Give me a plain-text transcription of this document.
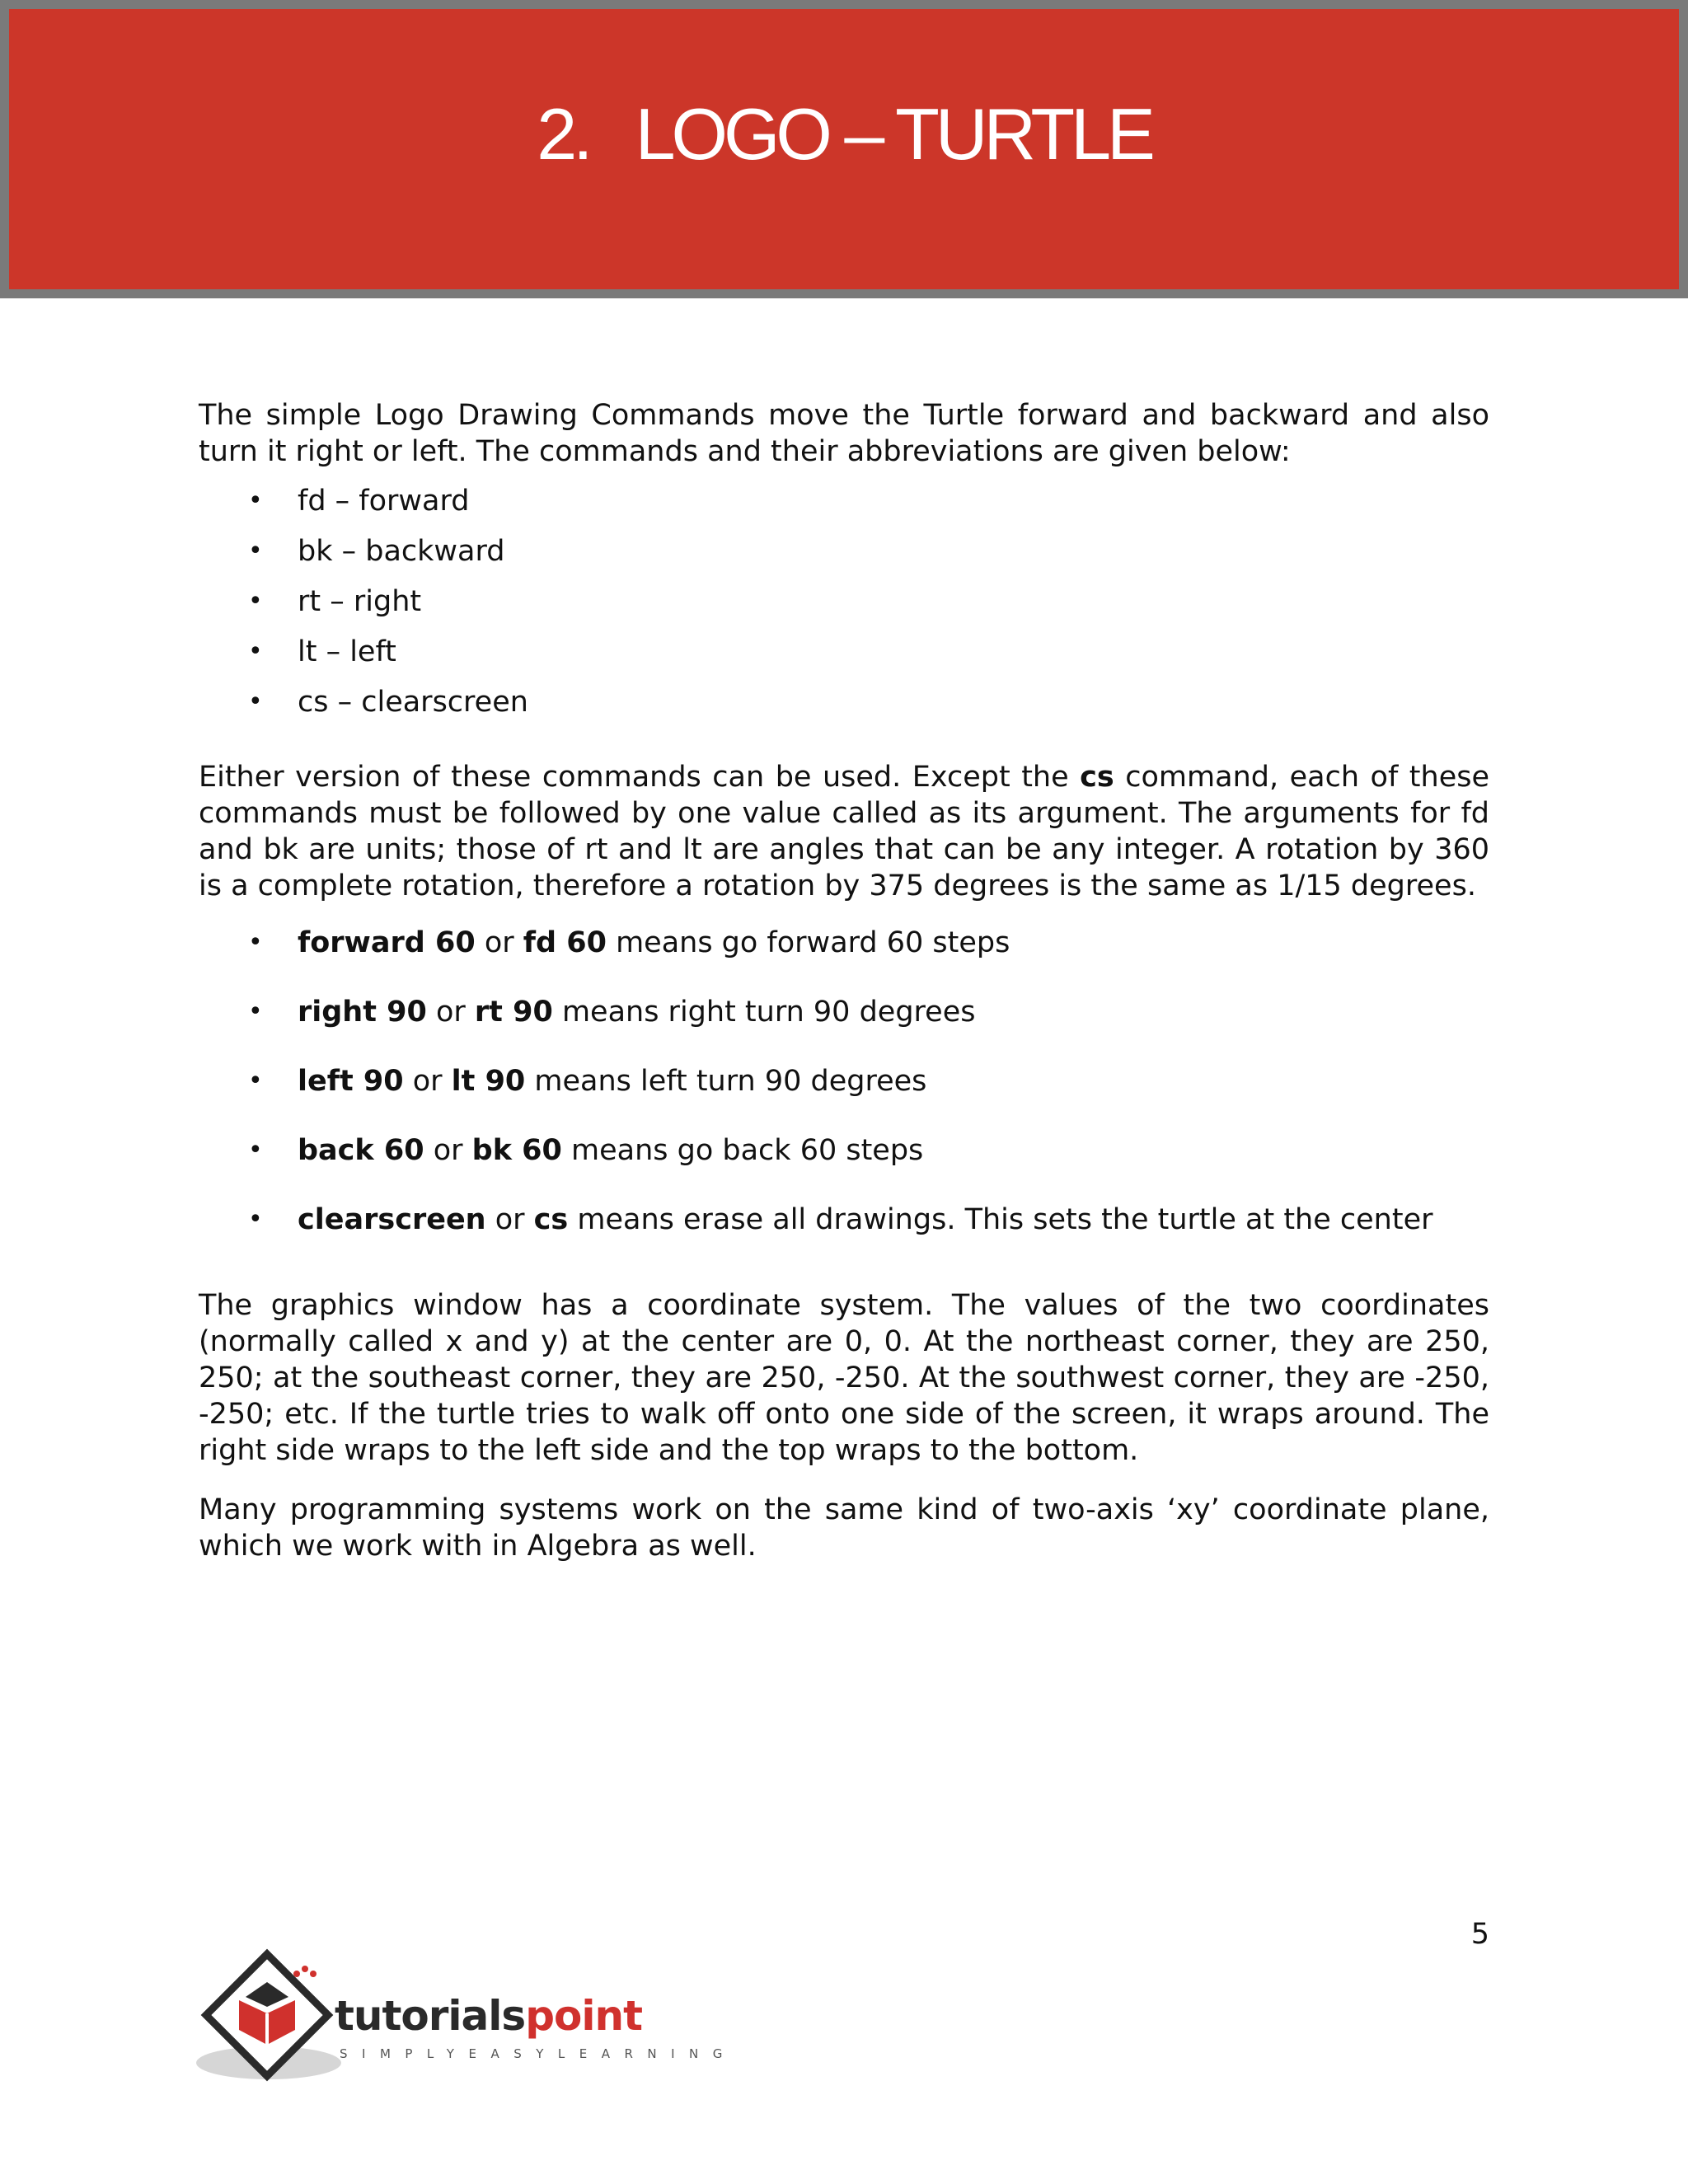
2. LOGO – TURTLE

The simple Logo Drawing Commands move the Turtle forward and backward and also turn it right or left. The commands and their abbreviations are given below:

• fd – forward
• bk – backward
• rt – right
• lt – left
• cs – clearscreen

Either version of these commands can be used. Except the cs command, each of these commands must be followed by one value called as its argument. The arguments for fd and bk are units; those of rt and lt are angles that can be any integer. A rotation by 360 is a complete rotation, therefore a rotation by 375 degrees is the same as 1/15 degrees.

• forward 60 or fd 60 means go forward 60 steps
• right 90 or rt 90 means right turn 90 degrees
• left 90 or lt 90 means left turn 90 degrees
• back 60 or bk 60 means go back 60 steps
• clearscreen or cs means erase all drawings. This sets the turtle at the center

The graphics window has a coordinate system. The values of the two coordinates (normally called x and y) at the center are 0, 0. At the northeast corner, they are 250, 250; at the southeast corner, they are 250, -250. At the southwest corner, they are -250, -250; etc. If the turtle tries to walk off onto one side of the screen, it wraps around. The right side wraps to the left side and the top wraps to the bottom.

Many programming systems work on the same kind of two-axis ‘xy’ coordinate plane, which we work with in Algebra as well.

5
tutorialspoint
SIMPLYEASYLEARNING
